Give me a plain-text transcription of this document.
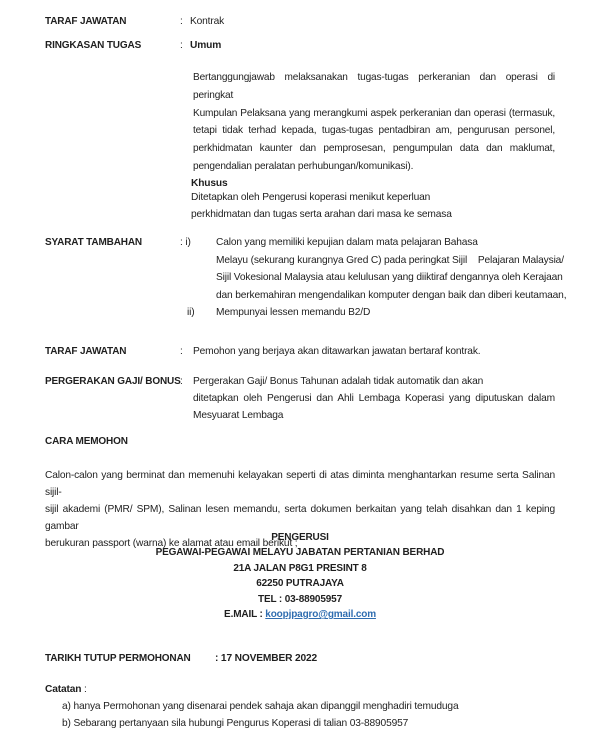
TARAF JAWATAN	: Kontrak
RINGKASAN TUGAS	: Umum
Bertanggungjawab melaksanakan tugas-tugas perkeranian dan operasi di peringkat
Kumpulan Pelaksana yang merangkumi aspek perkeranian dan operasi (termasuk,
tetapi tidak terhad kepada, tugas-tugas pentadbiran am, pengurusan personel,
perkhidmatan kaunter dan pemprosesan, pengumpulan data dan maklumat,
pengendalian peralatan perhubungan/komunikasi).
Khusus
Ditetapkan oleh Pengerusi koperasi menikut keperluan
perkhidmatan dan tugas serta arahan dari masa ke semasa
SYARAT TAMBAHAN	: i) Calon yang memiliki kepujian dalam mata pelajaran Bahasa
Melayu (sekurang kurangnya Gred C) pada peringkat Sijil    Pelajaran Malaysia/
Sijil Vokesional Malaysia atau kelulusan yang diiktiraf dengannya oleh Kerajaan
dan berkemahiran mengendalikan komputer dengan baik dan diberi keutamaan,
ii) Mempunyai lessen memandu B2/D
TARAF JAWATAN	: Pemohon yang berjaya akan ditawarkan jawatan bertaraf kontrak.
PERGERAKAN GAJI/ BONUS : Pergerakan Gaji/ Bonus Tahunan adalah tidak automatik dan akan
ditetapkan oleh Pengerusi dan Ahli Lembaga Koperasi yang diputuskan dalam
Mesyuarat Lembaga
CARA MEMOHON
Calon-calon yang berminat dan memenuhi kelayakan seperti di atas diminta menghantarkan resume serta Salinan sijil-
sijil akademi (PMR/ SPM), Salinan lesen memandu, serta dokumen berkaitan yang telah disahkan dan 1 keping gambar
berukuran passport (warna) ke alamat atau email berikut ;
PENGERUSI
PEGAWAI-PEGAWAI MELAYU JABATAN PERTANIAN BERHAD
21A JALAN P8G1 PRESINT 8
62250 PUTRAJAYA
TEL : 03-88905957
E.MAIL : koopjpagro@gmail.com
TARIKH TUTUP PERMOHONAN : 17 NOVEMBER 2022
Catatan :
a) hanya Permohonan yang disenarai pendek sahaja akan dipanggil menghadiri temuduga
b) Sebarang pertanyaan sila hubungi Pengurus Koperasi di talian 03-88905957
